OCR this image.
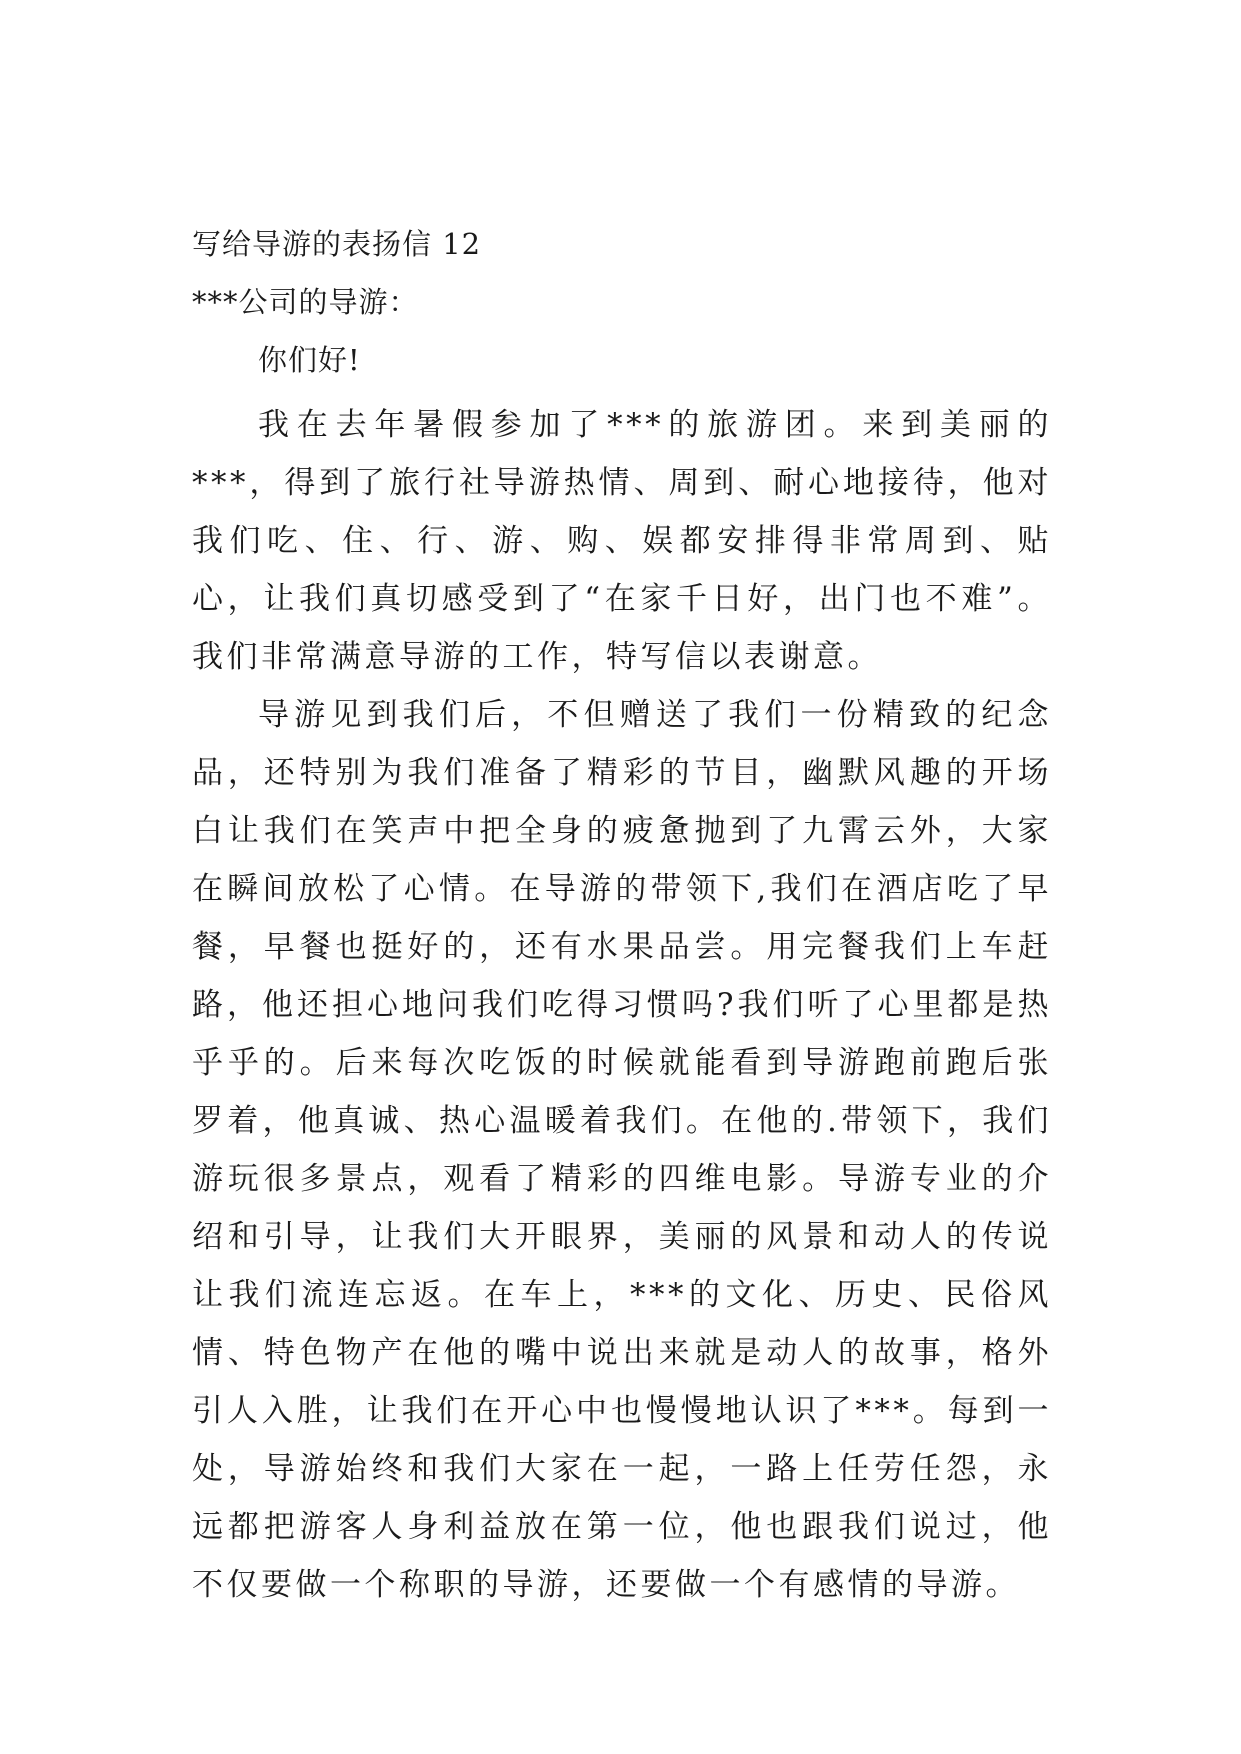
写给导游的表扬信 12
***公司的导游：
你们好!

我在去年暑假参加了***的旅游团。来到美丽的***，得到了旅行社导游热情、周到、耐心地接待，他对我们吃、住、行、游、购、娱都安排得非常周到、贴心，让我们真切感受到了“在家千日好，出门也不难”。我们非常满意导游的工作，特写信以表谢意。

导游见到我们后，不但赠送了我们一份精致的纪念品，还特别为我们准备了精彩的节目，幽默风趣的开场白让我们在笑声中把全身的疲惫抛到了九霄云外，大家在瞬间放松了心情。在导游的带领下,我们在酒店吃了早餐，早餐也挺好的，还有水果品尝。用完餐我们上车赶路，他还担心地问我们吃得习惯吗?我们听了心里都是热乎乎的。后来每次吃饭的时候就能看到导游跑前跑后张罗着，他真诚、热心温暖着我们。在他的.带领下，我们游玩很多景点，观看了精彩的四维电影。导游专业的介绍和引导，让我们大开眼界，美丽的风景和动人的传说让我们流连忘返。在车上，***的文化、历史、民俗风情、特色物产在他的嘴中说出来就是动人的故事，格外引人入胜，让我们在开心中也慢慢地认识了***。每到一处，导游始终和我们大家在一起，一路上任劳任怨，永远都把游客人身利益放在第一位，他也跟我们说过，他不仅要做一个称职的导游，还要做一个有感情的导游。
